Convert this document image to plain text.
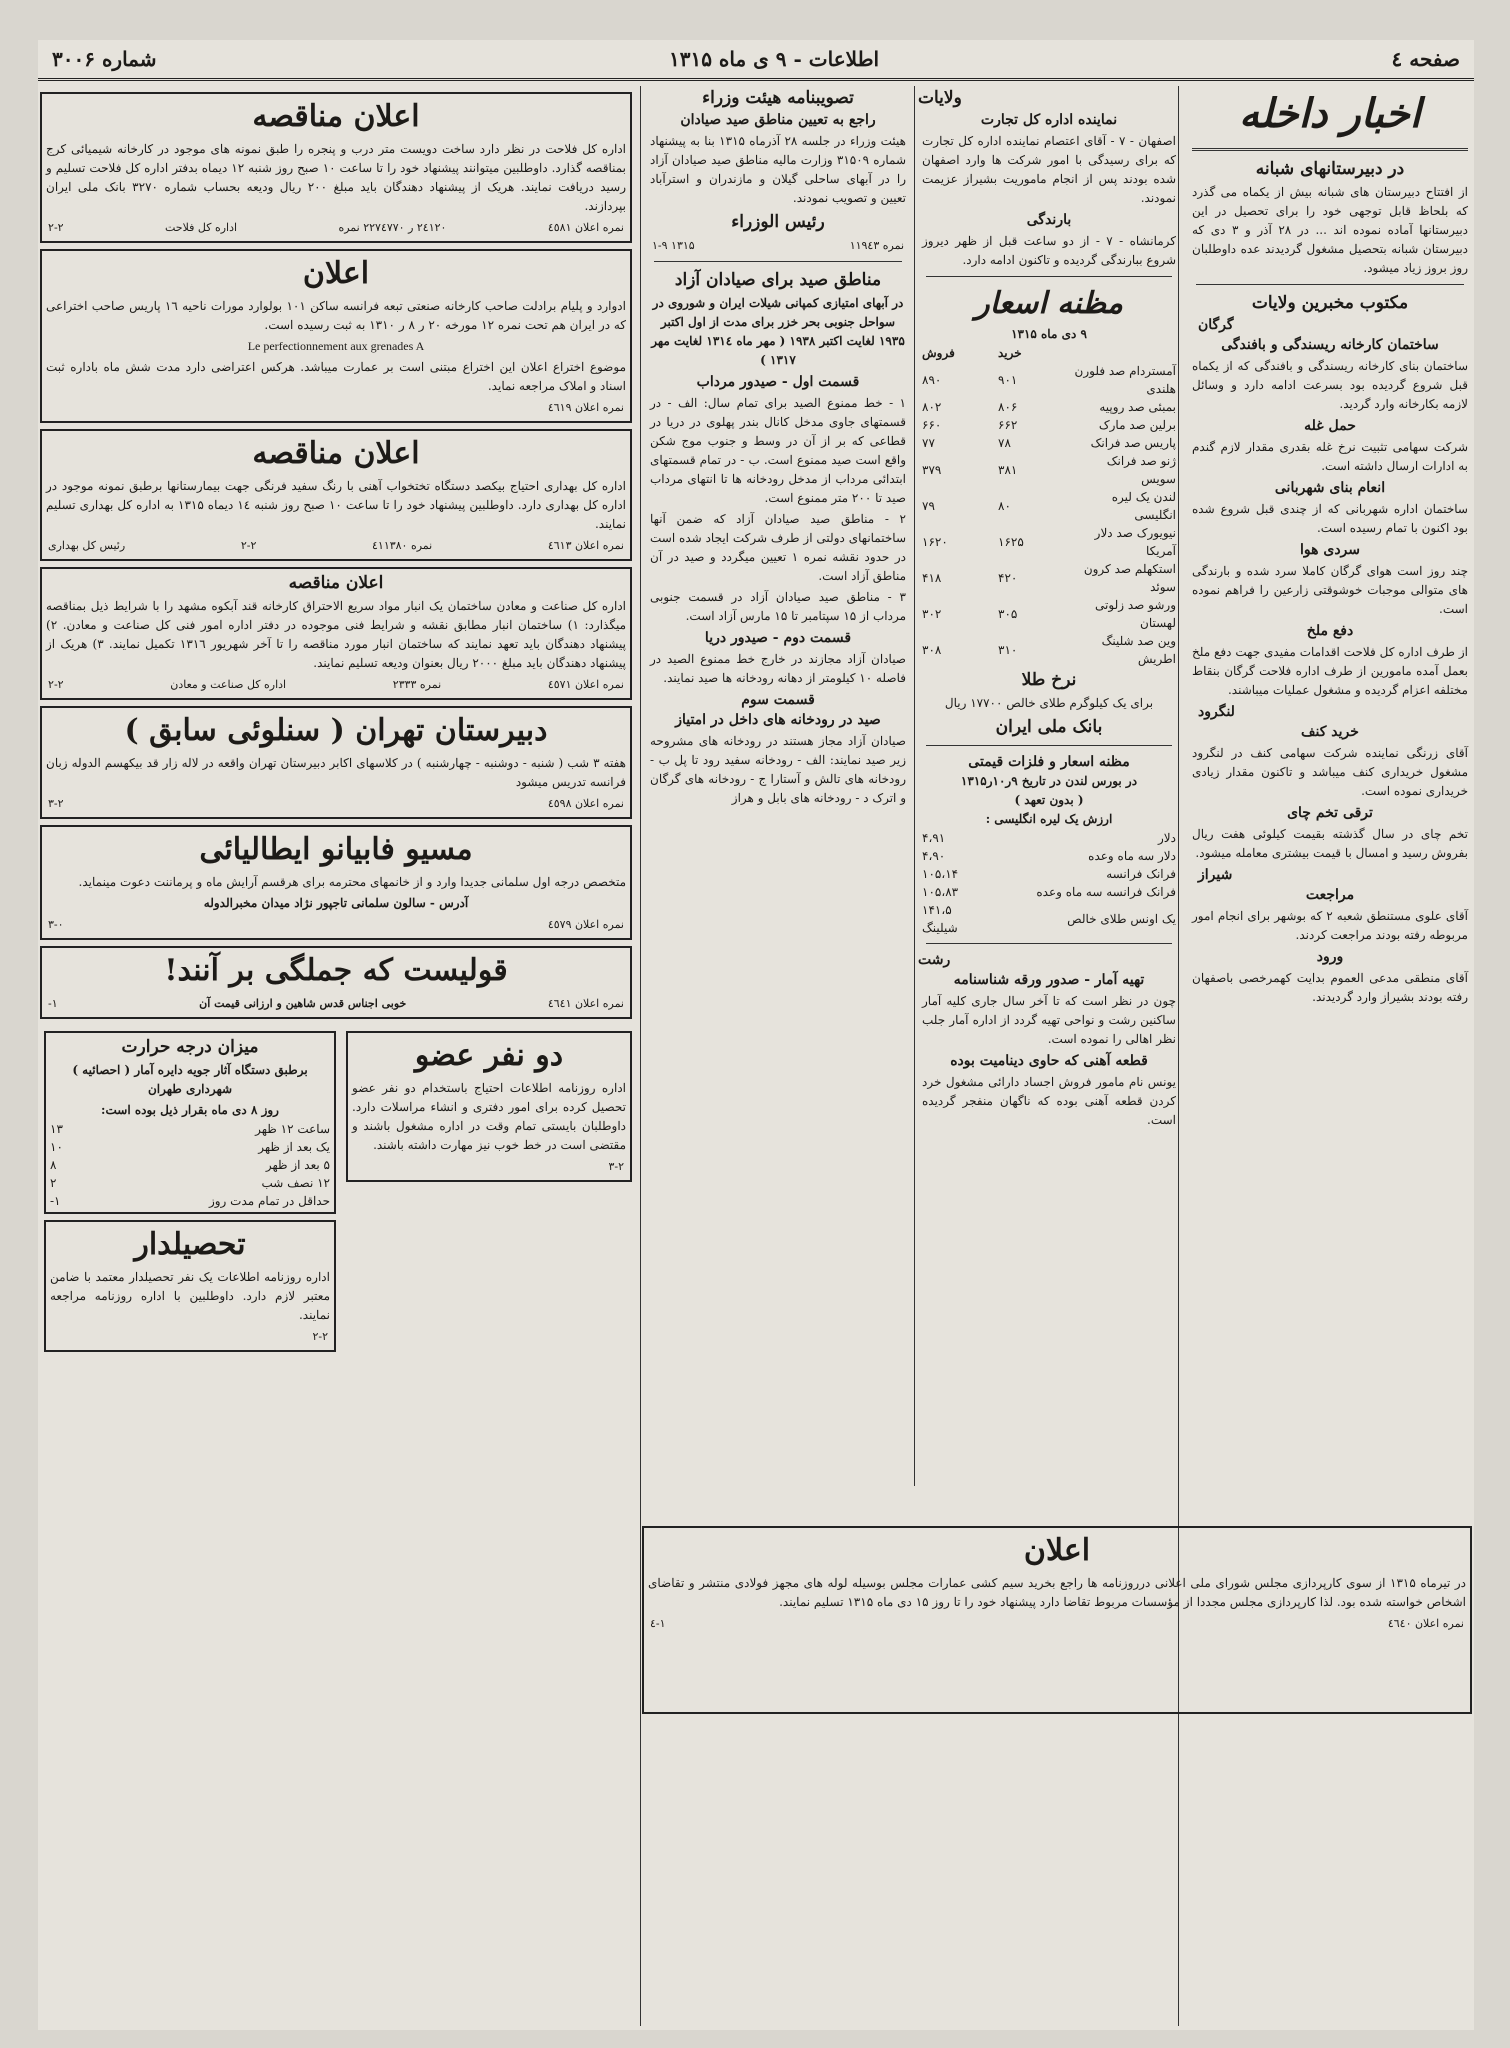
صفحه ٤
اطلاعات - ۹ ی ماه ۱۳۱۵
شماره ۳۰۰۶
اخبار داخله
در دبیرستانهای شبانه

از افتتاح دبیرستان های شبانه بیش از یکماه می گذرد که بلحاظ قابل توجهی خود را برای تحصیل در این دبیرستانها آماده نموده اند ... در ۲۸ آذر و ۳ دی که دبیرستان شبانه بتحصیل مشغول گردیدند عده داوطلبان روز بروز زیاد میشود.

مکتوب مخبرین ولایات
گرگان
ساختمان کارخانه ریسندگی و بافندگی

ساختمان بنای کارخانه ریسندگی و بافندگی که از یکماه قبل شروع گردیده بود بسرعت ادامه دارد و وسائل لازمه بکارخانه وارد گردید.

حمل غله

شرکت سهامی تثبیت نرخ غله بقدری مقدار لازم گندم به ادارات ارسال داشته است.

انعام بنای شهربانی

ساختمان اداره شهربانی که از چندی قبل شروع شده بود اکنون با تمام رسیده است.

سردی هوا

چند روز است هوای گرگان کاملا سرد شده و بارندگی های متوالی موجبات خوشوقتی زارعین را فراهم نموده است.

دفع ملخ

از طرف اداره کل فلاحت اقدامات مفیدی جهت دفع ملخ بعمل آمده مامورین از طرف اداره فلاحت گرگان بنقاط مختلفه اعزام گردیده و مشغول عملیات میباشند.

لنگرود
خرید کنف

آقای زرنگی نماینده شرکت سهامی کنف در لنگرود مشغول خریداری کنف میباشد و تاکنون مقدار زیادی خریداری نموده است.

ترقی تخم چای

تخم چای در سال گذشته بقیمت کیلوئی هفت ریال بفروش رسید و امسال با قیمت بیشتری معامله میشود.

شیراز
مراجعت

آقای علوی مستنطق شعبه ۲ که بوشهر برای انجام امور مربوطه رفته بودند مراجعت کردند.

ورود

آقای منطقی مدعی العموم بدایت کهمرخصی باصفهان رفته بودند بشیراز وارد گردیدند.

ولایات
نماینده اداره کل تجارت

اصفهان - ۷ - آقای اعتصام نماینده اداره کل تجارت که برای رسیدگی با امور شرکت ها وارد اصفهان شده بودند پس از انجام ماموریت بشیراز عزیمت نمودند.

بارندگی

کرمانشاه - ۷ - از دو ساعت قبل از ظهر دیروز شروع ببارندگی گردیده و تاکنون ادامه دارد.

مظنه اسعار
۹ دی ماه ۱۳۱۵
	خرید	فروش
آمستردام صد فلورن هلندی	۹۰۱	۸۹۰
بمبئی صد روپیه	۸۰۶	۸۰۲
برلین صد مارک	۶۶۲	۶۶۰
پاریس صد فرانک	۷۸	۷۷
ژنو صد فرانک سویس	۳۸۱	۳۷۹
لندن یک لیره انگلیسی	۸۰	۷۹
نیویورک صد دلار آمریکا	۱۶۲۵	۱۶۲۰
استکهلم صد کرون سوئد	۴۲۰	۴۱۸
ورشو صد زلوتی لهستان	۳۰۵	۳۰۲
وین صد شلینگ اطریش	۳۱۰	۳۰۸
نرخ طلا

برای یک کیلوگرم طلای خالص ۱۷۷۰۰ ریال

بانک ملی ایران
مظنه اسعار و فلزات قیمتی
در بورس لندن در تاریخ ۹ر۱۰ر۱۳۱۵
( بدون تعهد )
ارزش یک لیره انگلیسی :
دلار	۴،۹۱
دلار سه ماه وعده	۴،۹۰
فرانک فرانسه	۱۰۵،۱۴
فرانک فرانسه سه ماه وعده	۱۰۵،۸۳
یک اونس طلای خالص	۱۴۱،۵ شیلینگ
رشت
تهیه آمار - صدور ورقه شناسنامه

چون در نظر است که تا آخر سال جاری کلیه آمار ساکنین رشت و نواحی تهیه گردد از اداره آمار جلب نظر اهالی را نموده است.

قطعه آهنی که حاوی دینامیت بوده

یونس نام مامور فروش اجساد دارائی مشغول خرد کردن قطعه آهنی بوده که ناگهان منفجر گردیده است.

تصویبنامه هیئت وزراء
راجع به تعیین مناطق صید صیادان

هیئت وزراء در جلسه ۲۸ آذرماه ۱۳۱۵ بنا به پیشنهاد شماره ۳۱۵۰۹ وزارت مالیه مناطق صید صیادان آزاد را در آبهای ساحلی گیلان و مازندران و استرآباد تعیین و تصویب نمودند.

رئیس الوزراء
نمره ۱۱۹٤۳
۱۳۱۵ ۱-۹
مناطق صید برای صیادان آزاد

در آبهای امتیازی کمپانی شیلات ایران و شوروی در سواحل جنوبی بحر خزر برای مدت از اول اکتبر ۱۹۳۵ لغایت اکتبر ۱۹۳۸ ( مهر ماه ۱۳۱٤ لغایت مهر ۱۳۱۷ )

قسمت اول - صیدور مرداب

۱ - خط ممنوع الصید برای تمام سال: الف - در قسمتهای جاوی مدخل کانال بندر پهلوی در دریا در قطاعی که بر از آن در وسط و جنوب موج شکن واقع است صید ممنوع است. ب - در تمام قسمتهای ابتدائی مرداب از مدخل رودخانه ها تا انتهای مرداب صید تا ۲۰۰ متر ممنوع است.

۲ - مناطق صید صیادان آزاد که ضمن آنها ساختمانهای دولتی از طرف شرکت ایجاد شده است در حدود نقشه نمره ۱ تعیین میگردد و صید در آن مناطق آزاد است.

۳ - مناطق صید صیادان آزاد در قسمت جنوبی مرداب از ۱۵ سپتامبر تا ۱۵ مارس آزاد است.

قسمت دوم - صیدور دریا

صیادان آزاد مجازند در خارج خط ممنوع الصید در فاصله ۱۰ کیلومتر از دهانه رودخانه ها صید نمایند.

قسمت سوم
صید در رودخانه های داخل در امتیاز

صیادان آزاد مجاز هستند در رودخانه های مشروحه زیر صید نمایند: الف - رودخانه سفید رود تا پل ب - رودخانه های تالش و آستارا ج - رودخانه های گرگان و اترک د - رودخانه های بابل و هراز

اعلان مناقصه

اداره کل فلاحت در نظر دارد ساخت دویست متر درب و پنجره را طبق نمونه های موجود در کارخانه شیمیائی کرج بمناقصه گذارد. داوطلبین میتوانند پیشنهاد خود را تا ساعت ۱۰ صبح روز شنبه ۱۲ دیماه بدفتر اداره کل فلاحت تسلیم و رسید دریافت نمایند. هریک از پیشنهاد دهندگان باید مبلغ ۲۰۰ ریال ودیعه بحساب شماره ۳۲۷۰ بانک ملی ایران بپردازند.

نمره اعلان ٤٥۸۱
۲٤۱۲۰ ر ۲۲۷٤۷۷۰ نمره
اداره کل فلاحت
۲-۲
اعلان

ادوارد و پلیام برادلت صاحب کارخانه صنعتی تبعه فرانسه ساکن ۱۰۱ بولوارد مورات ناحیه ۱٦ پاریس صاحب اختراعی که در ایران هم تحت نمره ۱۲ مورخه ۲۰ ر ۸ ر ۱۳۱۰ به ثبت رسیده است.

Le perfectionnement aux grenades A

موضوع اختراع اعلان این اختراع مبتنی است بر عمارت میباشد. هرکس اعتراضی دارد مدت شش ماه باداره ثبت اسناد و املاک مراجعه نماید.

نمره اعلان ٤٦۱۹
اعلان مناقصه

اداره کل بهداری احتیاج بیکصد دستگاه تختخواب آهنی با رنگ سفید فرنگی جهت بیمارستانها برطبق نمونه موجود در اداره کل بهداری دارد. داوطلبین پیشنهاد خود را تا ساعت ۱۰ صبح روز شنبه ۱٤ دیماه ۱۳۱۵ به اداره کل بهداری تسلیم نمایند.

نمره اعلان ٤٦۱۳
نمره ٤۱۱۳۸۰
۲-۲
رئیس کل بهداری
اعلان مناقصه

اداره کل صناعت و معادن ساختمان یک انبار مواد سریع الاحتراق کارخانه قند آبکوه مشهد را با شرایط ذیل بمناقصه میگذارد: ۱) ساختمان انبار مطابق نقشه و شرایط فنی موجوده در دفتر اداره امور فنی کل صناعت و معادن. ۲) پیشنهاد دهندگان باید تعهد نمایند که ساختمان انبار مورد مناقصه را تا آخر شهریور ۱۳۱٦ تکمیل نمایند. ۳) هریک از پیشنهاد دهندگان باید مبلغ ۲۰۰۰ ریال بعنوان ودیعه تسلیم نمایند.

نمره اعلان ٤٥۷۱
نمره ۲۳۳۳
اداره کل صناعت و معادن
۲-۲
دبیرستان تهران ( سنلوئی سابق )

هفته ۳ شب ( شنبه - دوشنبه - چهارشنبه ) در کلاسهای اکابر دبیرستان تهران واقعه در لاله زار قد بیکهسم الدوله زبان فرانسه تدریس میشود

نمره اعلان ٤٥۹۸
۳-۲
مسیو فابیانو ایطالیائی

متخصص درجه اول سلمانی جدیدا وارد و از خانمهای محترمه برای هرقسم آرایش ماه و پرماننت دعوت مینماید.

آدرس - سالون سلمانی تاجپور نژاد میدان مخبرالدوله
نمره اعلان ٤٥۷۹
۳-۰
قولیست که جملگی بر آنند!
نمره اعلان ٤٦٤۱
خوبی اجناس قدس شاهین و ارزانی قیمت آن
۱-
دو نفر عضو

اداره روزنامه اطلاعات احتیاج باستخدام دو نفر عضو تحصیل کرده برای امور دفتری و انشاء مراسلات دارد. داوطلبان بایستی تمام وقت در اداره مشغول باشند و مقتضی است در خط خوب نیز مهارت داشته باشند.

۳-۲
میزان درجه حرارت

برطبق دستگاه آثار جویه دایره آمار ( احصائیه ) شهرداری طهران

روز ۸ دی ماه بقرار ذیل بوده است:
ساعت ۱۲ ظهر	۱۳
یک بعد از ظهر	۱۰
۵ بعد از ظهر	۸
۱۲ نصف شب	۲
حداقل در تمام مدت روز	-۱
تحصیلدار

اداره روزنامه اطلاعات یک نفر تحصیلدار معتمد با ضامن معتبر لازم دارد. داوطلبین با اداره روزنامه مراجعه نمایند.

۲-۲
اعلان

در تیرماه ۱۳۱۵ از سوی کارپردازی مجلس شورای ملی اعلانی درروزنامه ها راجع بخرید سیم کشی عمارات مجلس بوسیله لوله های مجهز فولادی منتشر و تقاضای اشخاص خواسته شده بود. لذا کارپردازی مجلس مجددا از مؤسسات مربوط تقاضا دارد پیشنهاد خود را تا روز ۱۵ دی ماه ۱۳۱۵ تسلیم نمایند.

نمره اعلان ٤٦٤۰
۱-٤
